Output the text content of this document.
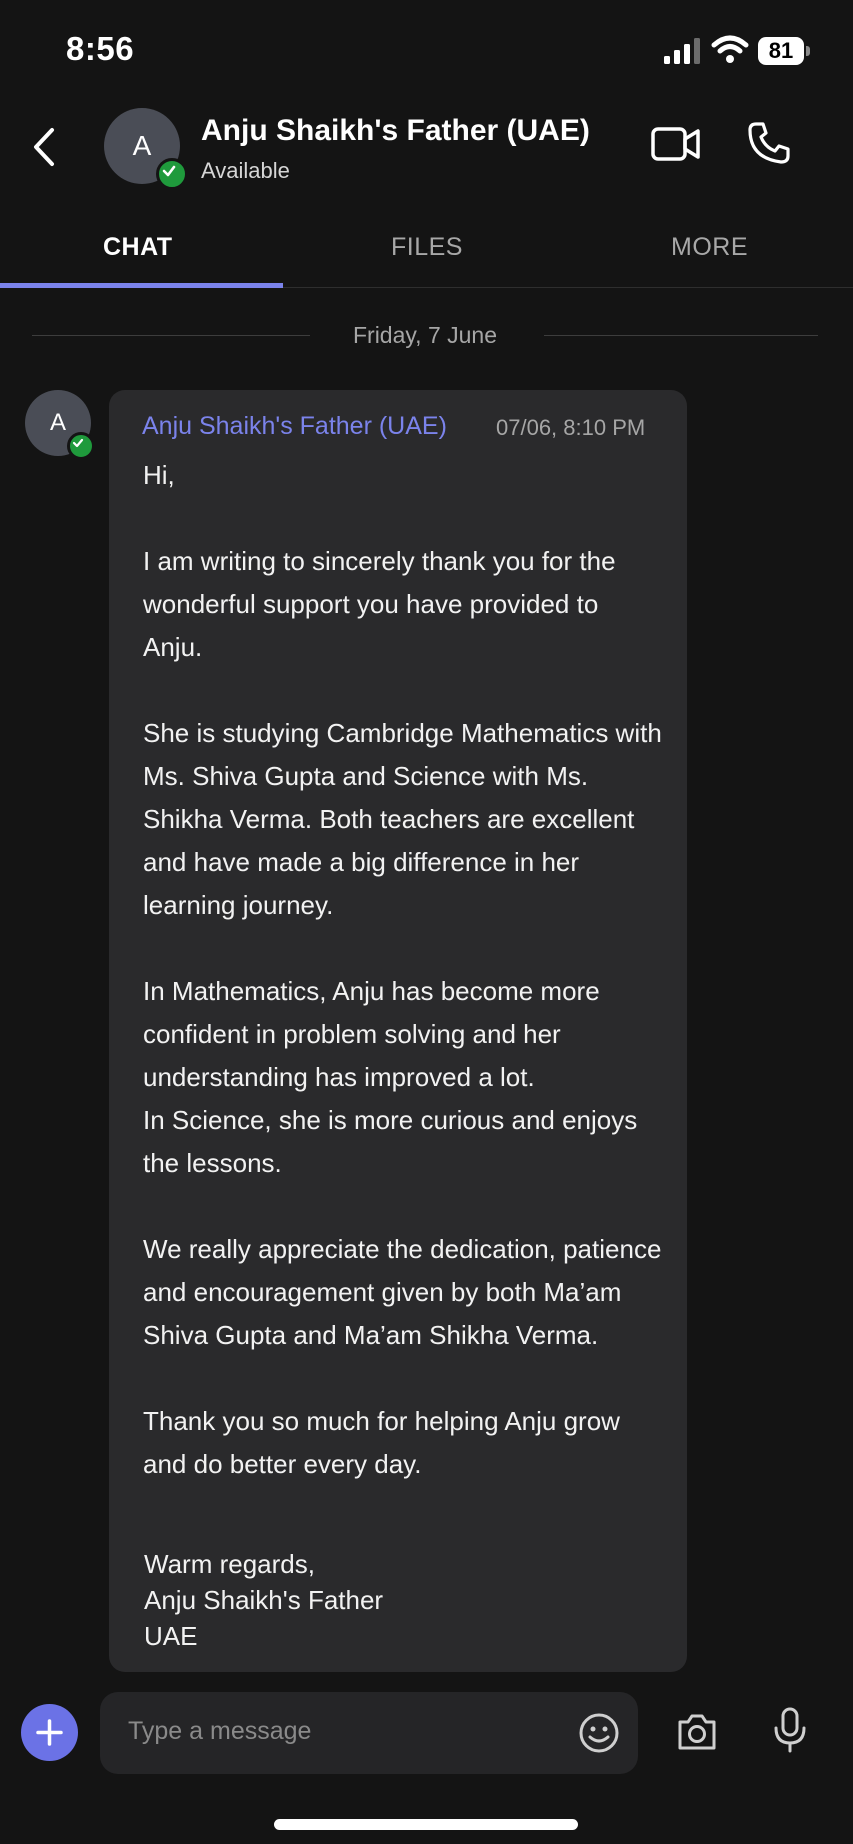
8:56	81
A	Anju Shaikh's Father (UAE)
Available
CHAT	FILES	MORE
Friday, 7 June
A	Anju Shaikh's Father (UAE) 07/06, 8:10 PM

Hi,

I am writing to sincerely thank you for the wonderful support you have provided to Anju.

She is studying Cambridge Mathematics with Ms. Shiva Gupta and Science with Ms. Shikha Verma. Both teachers are excellent and have made a big difference in her learning journey.

In Mathematics, Anju has become more confident in problem solving and her understanding has improved a lot.

In Science, she is more curious and enjoys the lessons.

We really appreciate the dedication, patience and encouragement given by both Ma’am Shiva Gupta and Ma’am Shikha Verma.

Thank you so much for helping Anju grow and do better every day.

Warm regards,
Anju Shaikh's Father
UAE
Type a message
